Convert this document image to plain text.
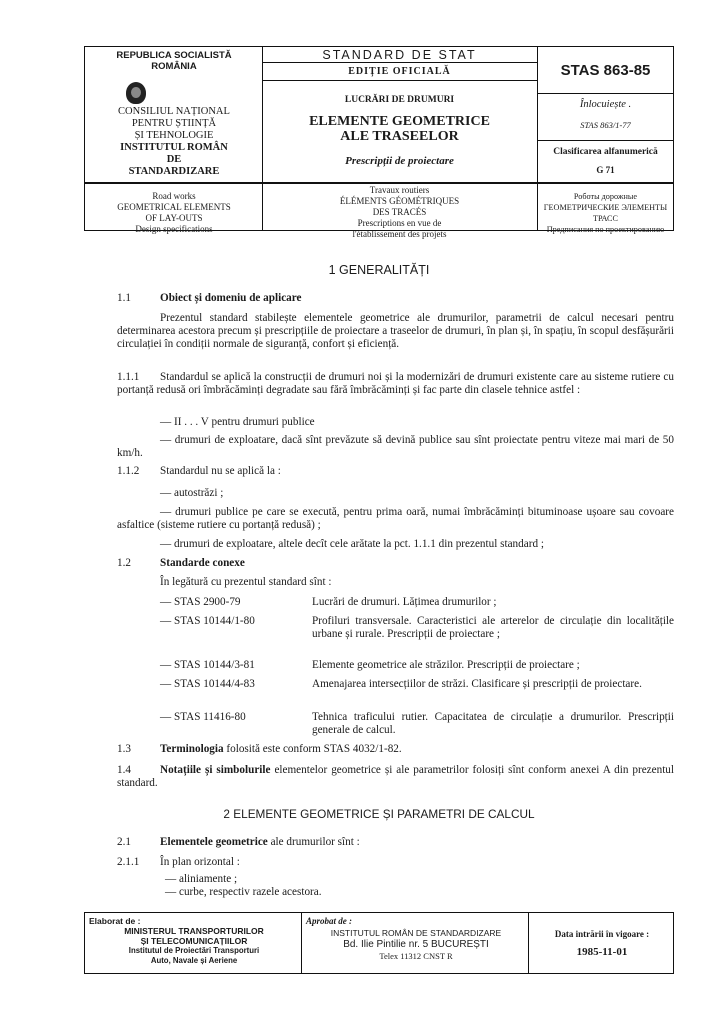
REPUBLICA SOCIALISTĂ
ROMÂNIA
CONSILIUL NAȚIONAL
PENTRU ȘTIINȚĂ
ȘI TEHNOLOGIE
INSTITUTUL ROMÂN
DE
STANDARDIZARE
STANDARD DE STAT
EDIȚIE OFICIALĂ
LUCRĂRI DE DRUMURI
ELEMENTE GEOMETRICE
ALE TRASEELOR
Prescripții de proiectare
STAS 863-85
Înlocuiește .
STAS 863/1-77
Clasificarea alfanumerică
G 71
Road works
GEOMETRICAL ELEMENTS
OF LAY-OUTS
Design specifications
Travaux routiers
ÉLÉMENTS GÉOMÉTRIQUES
DES TRACÉS
Prescriptions en vue de
l'établissement des projets
Роботы дорожные
ГЕОМЕТРИЧЕСКИЕ ЭЛЕМЕНТЫ
ТРАСС
Предписания по проектированию
1 GENERALITĂȚI
1.1	Obiect și domeniu de aplicare
Prezentul standard stabilește elementele geometrice ale drumurilor, parametrii de calcul necesari pentru determinarea acestora precum și prescripțiile de proiectare a traseelor de drumuri, în plan și, în spațiu, în scopul desfășurării circulației în condiții normale de siguranță, confort și eficiență.
1.1.1 Standardul se aplică la construcții de drumuri noi și la modernizări de drumuri existente care au sisteme rutiere cu portanță redusă ori îmbrăcăminți degradate sau fără îmbrăcăminți și fac parte din clasele tehnice astfel :
— II . . . V pentru drumuri publice
— drumuri de exploatare, dacă sînt prevăzute să devină publice sau sînt proiectate pentru viteze mai mari de 50 km/h.
1.1.2 Standardul nu se aplică la :
— autostrăzi ;
— drumuri publice pe care se execută, pentru prima oară, numai îmbrăcăminți bituminoase ușoare sau covoare asfaltice (sisteme rutiere cu portanță redusă) ;
— drumuri de exploatare, altele decît cele arătate la pct. 1.1.1 din prezentul standard ;
1.2	Standarde conexe
În legătură cu prezentul standard sînt :
— STAS 2900-79	Lucrări de drumuri. Lățimea drumurilor ;
— STAS 10144/1-80	Profiluri transversale. Caracteristici ale arterelor de circulație din localitățile urbane și rurale. Prescripții de proiectare ;
— STAS 10144/3-81	Elemente geometrice ale străzilor. Prescripții de proiectare ;
— STAS 10144/4-83	Amenajarea intersecțiilor de străzi. Clasificare și prescripții de proiectare.
— STAS 11416-80	Tehnica traficului rutier. Capacitatea de circulație a drumurilor. Prescripții generale de calcul.
1.3	Terminologia folosită este conform STAS 4032/1-82.
1.4	Notațiile și simbolurile elementelor geometrice și ale parametrilor folosiți sînt conform anexei A din prezentul standard.
2 ELEMENTE GEOMETRICE ȘI PARAMETRI DE CALCUL
2.1	Elementele geometrice ale drumurilor sînt :
2.1.1 În plan orizontal :
— aliniamente ;
— curbe, respectiv razele acestora.
Elaborat de :
MINISTERUL TRANSPORTURILOR
ȘI TELECOMUNICAȚIILOR
Institutul de Proiectări Transporturi
Auto, Navale și Aeriene
Aprobat de :
INSTITUTUL ROMÂN DE STANDARDIZARE
Bd. Ilie Pintilie nr. 5 BUCUREȘTI
Telex 11312 CNST R
Data intrării în vigoare :
1985-11-01
